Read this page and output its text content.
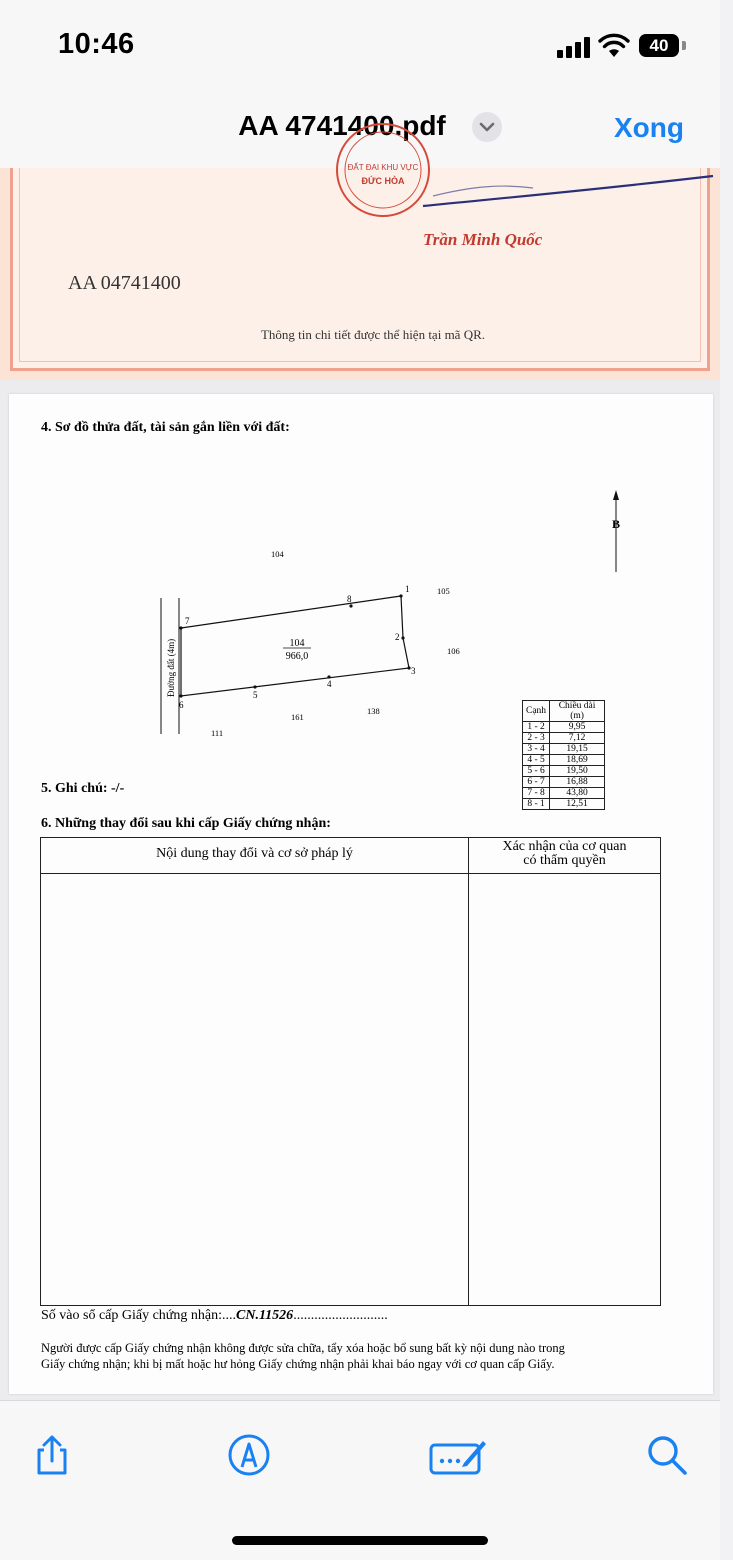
10:46	40
AA 4741400.pdf	Xong
ĐẤT ĐAI KHU VỰC
ĐỨC HÒA
Trần Minh Quốc
AA 04741400
Thông tin chi tiết được thể hiện tại mã QR.
4. Sơ đồ thửa đất, tài sản gắn liền với đất:
B
Đường đất (4m)
1
2
3
4
5
6
7
8
104
966,0
104
105
106
161
138
111
Cạnh	Chiều dài (m)
1 - 2	9,95
2 - 3	7,12
3 - 4	19,15
4 - 5	18,69
5 - 6	19,50
6 - 7	16,88
7 - 8	43,80
8 - 1	12,51
5. Ghi chú: -/-
6. Những thay đổi sau khi cấp Giấy chứng nhận:
Nội dung thay đổi và cơ sở pháp lý	Xác nhận của cơ quan
có thẩm quyền
Số vào sổ cấp Giấy chứng nhận:....CN.11526...........................
Người được cấp Giấy chứng nhận không được sửa chữa, tẩy xóa hoặc bổ sung bất kỳ nội dung nào trong
Giấy chứng nhận; khi bị mất hoặc hư hỏng Giấy chứng nhận phải khai báo ngay với cơ quan cấp Giấy.
